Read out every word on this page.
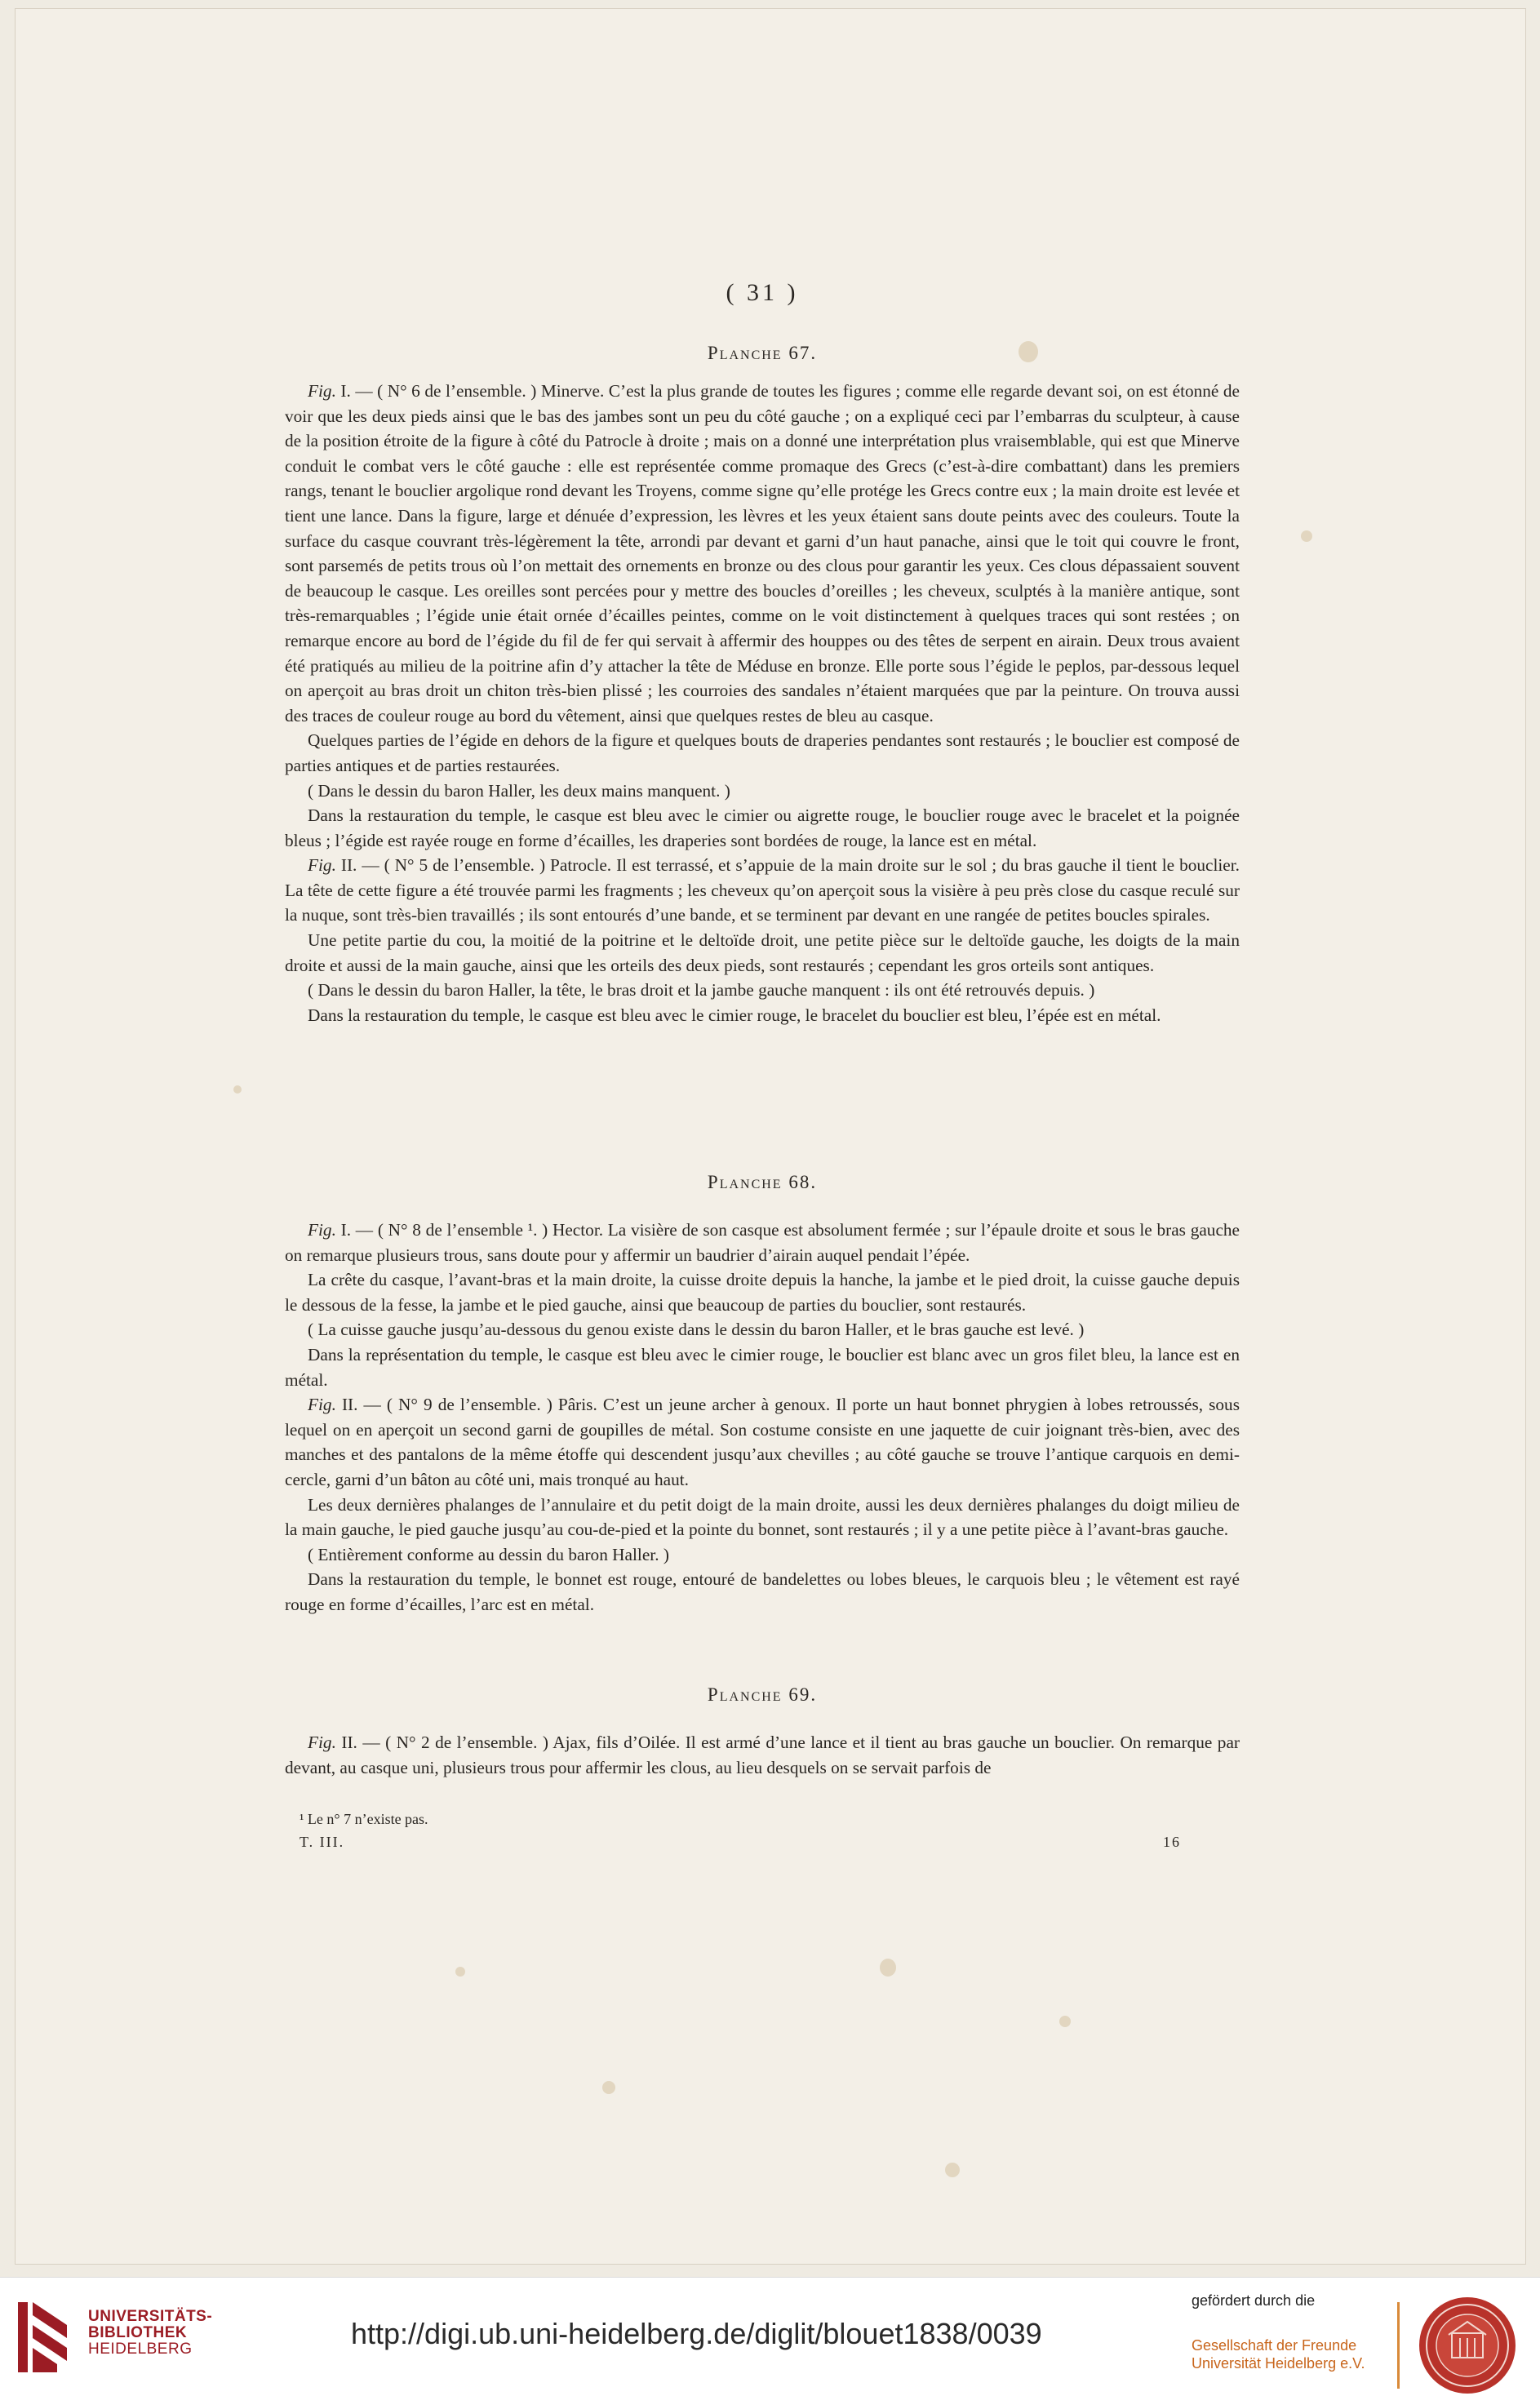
( 31 )
Planche 67.

Fig. I. — ( N° 6 de l’ensemble. ) Minerve. C’est la plus grande de toutes les figures ; comme elle regarde devant soi, on est étonné de voir que les deux pieds ainsi que le bas des jambes sont un peu du côté gauche ; on a expliqué ceci par l’embarras du sculpteur, à cause de la position étroite de la figure à côté du Patrocle à droite ; mais on a donné une interprétation plus vraisemblable, qui est que Minerve conduit le combat vers le côté gauche : elle est représentée comme promaque des Grecs (c’est-à-dire combattant) dans les premiers rangs, tenant le bouclier argolique rond devant les Troyens, comme signe qu’elle protége les Grecs contre eux ; la main droite est levée et tient une lance. Dans la figure, large et dénuée d’expression, les lèvres et les yeux étaient sans doute peints avec des couleurs. Toute la surface du casque couvrant très-légèrement la tête, arrondi par devant et garni d’un haut panache, ainsi que le toit qui couvre le front, sont parsemés de petits trous où l’on mettait des ornements en bronze ou des clous pour garantir les yeux. Ces clous dépassaient souvent de beaucoup le casque. Les oreilles sont percées pour y mettre des boucles d’oreilles ; les cheveux, sculptés à la manière antique, sont très-remarquables ; l’égide unie était ornée d’écailles peintes, comme on le voit distinctement à quelques traces qui sont restées ; on remarque encore au bord de l’égide du fil de fer qui servait à affermir des houppes ou des têtes de serpent en airain. Deux trous avaient été pratiqués au milieu de la poitrine afin d’y attacher la tête de Méduse en bronze. Elle porte sous l’égide le peplos, par-dessous lequel on aperçoit au bras droit un chiton très-bien plissé ; les courroies des sandales n’étaient marquées que par la peinture. On trouva aussi des traces de couleur rouge au bord du vêtement, ainsi que quelques restes de bleu au casque.

Quelques parties de l’égide en dehors de la figure et quelques bouts de draperies pendantes sont restaurés ; le bouclier est composé de parties antiques et de parties restaurées.

( Dans le dessin du baron Haller, les deux mains manquent. )

Dans la restauration du temple, le casque est bleu avec le cimier ou aigrette rouge, le bouclier rouge avec le bracelet et la poignée bleus ; l’égide est rayée rouge en forme d’écailles, les draperies sont bordées de rouge, la lance est en métal.

Fig. II. — ( N° 5 de l’ensemble. ) Patrocle. Il est terrassé, et s’appuie de la main droite sur le sol ; du bras gauche il tient le bouclier. La tête de cette figure a été trouvée parmi les fragments ; les cheveux qu’on aperçoit sous la visière à peu près close du casque reculé sur la nuque, sont très-bien travaillés ; ils sont entourés d’une bande, et se terminent par devant en une rangée de petites boucles spirales.

Une petite partie du cou, la moitié de la poitrine et le deltoïde droit, une petite pièce sur le deltoïde gauche, les doigts de la main droite et aussi de la main gauche, ainsi que les orteils des deux pieds, sont restaurés ; cependant les gros orteils sont antiques.

( Dans le dessin du baron Haller, la tête, le bras droit et la jambe gauche manquent : ils ont été retrouvés depuis. )

Dans la restauration du temple, le casque est bleu avec le cimier rouge, le bracelet du bouclier est bleu, l’épée est en métal.

Planche 68.

Fig. I. — ( N° 8 de l’ensemble ¹. ) Hector. La visière de son casque est absolument fermée ; sur l’épaule droite et sous le bras gauche on remarque plusieurs trous, sans doute pour y affermir un baudrier d’airain auquel pendait l’épée.

La crête du casque, l’avant-bras et la main droite, la cuisse droite depuis la hanche, la jambe et le pied droit, la cuisse gauche depuis le dessous de la fesse, la jambe et le pied gauche, ainsi que beaucoup de parties du bouclier, sont restaurés.

( La cuisse gauche jusqu’au-dessous du genou existe dans le dessin du baron Haller, et le bras gauche est levé. )

Dans la représentation du temple, le casque est bleu avec le cimier rouge, le bouclier est blanc avec un gros filet bleu, la lance est en métal.

Fig. II. — ( N° 9 de l’ensemble. ) Pâris. C’est un jeune archer à genoux. Il porte un haut bonnet phrygien à lobes retroussés, sous lequel on en aperçoit un second garni de goupilles de métal. Son costume consiste en une jaquette de cuir joignant très-bien, avec des manches et des pantalons de la même étoffe qui descendent jusqu’aux chevilles ; au côté gauche se trouve l’antique carquois en demi-cercle, garni d’un bâton au côté uni, mais tronqué au haut.

Les deux dernières phalanges de l’annulaire et du petit doigt de la main droite, aussi les deux dernières phalanges du doigt milieu de la main gauche, le pied gauche jusqu’au cou-de-pied et la pointe du bonnet, sont restaurés ; il y a une petite pièce à l’avant-bras gauche.

( Entièrement conforme au dessin du baron Haller. )

Dans la restauration du temple, le bonnet est rouge, entouré de bandelettes ou lobes bleues, le carquois bleu ; le vêtement est rayé rouge en forme d’écailles, l’arc est en métal.

Planche 69.

Fig. II. — ( N° 2 de l’ensemble. ) Ajax, fils d’Oilée. Il est armé d’une lance et il tient au bras gauche un bouclier. On remarque par devant, au casque uni, plusieurs trous pour affermir les clous, au lieu desquels on se servait parfois de

¹ Le n° 7 n’existe pas.
T. III.	16
UNIVERSITÄTS-
BIBLIOTHEK
HEIDELBERG	http://digi.ub.uni-heidelberg.de/diglit/blouet1838/0039
gefördert durch die
Gesellschaft der Freunde
Universität Heidelberg e.V.
